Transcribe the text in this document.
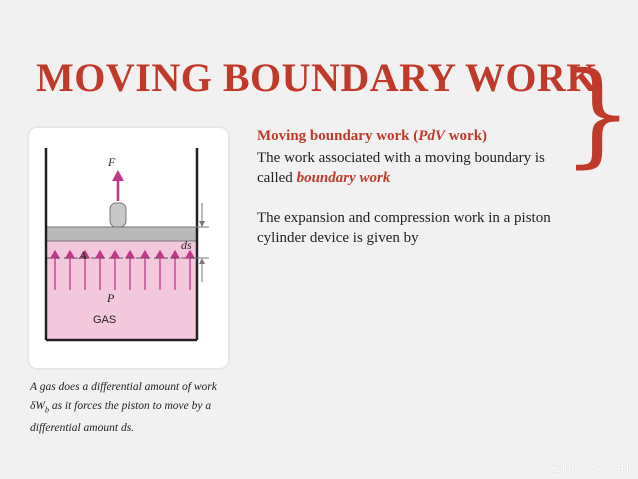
MOVING BOUNDARY WORK
}
F
A
ds
P
GAS
A gas does a differential amount of work $\delta W_b$ as it forces the piston to move by a differential amount ds.
Moving boundary work (PdV work)

The work associated with a moving boundary is called boundary work

The expansion and compression work in a piston cylinder device is given by

KEITH VAUGH
